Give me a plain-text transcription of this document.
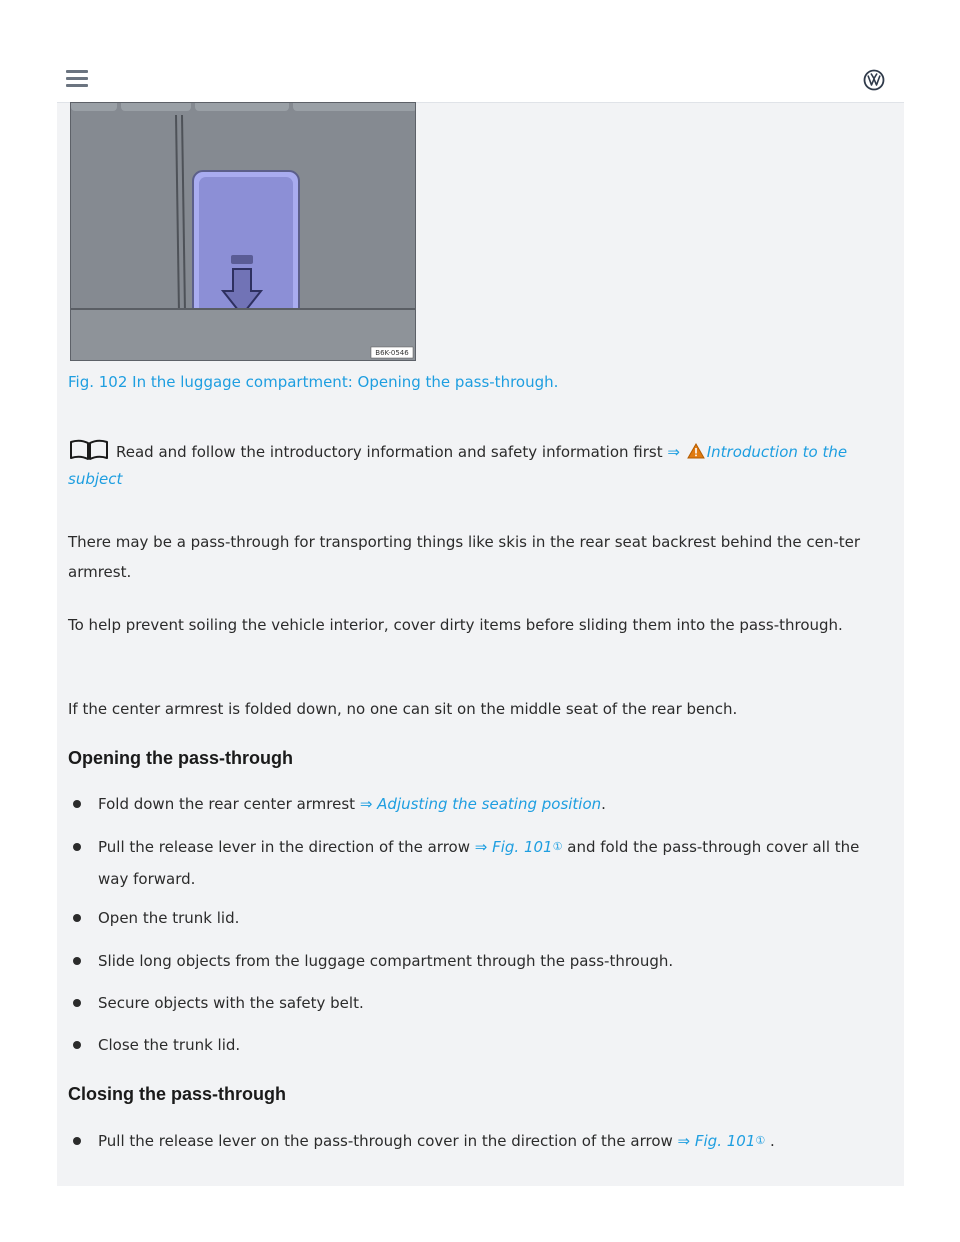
B6K-0546
Fig. 102 In the luggage compartment: Opening the pass-through.
Read and follow the introductory information and safety information first ⇒ Introduction to the subject

There may be a pass-through for transporting things like skis in the rear seat backrest behind the cen-ter armrest.

To help prevent soiling the vehicle interior, cover dirty items before sliding them into the pass-through.

If the center armrest is folded down, no one can sit on the middle seat of the rear bench.

Opening the pass-through

Fold down the rear center armrest ⇒ Adjusting the seating position.

Pull the release lever in the direction of the arrow ⇒ Fig. 101① and fold the pass-through cover all the way forward.

Open the trunk lid.

Slide long objects from the luggage compartment through the pass-through.

Secure objects with the safety belt.

Close the trunk lid.

Closing the pass-through

Pull the release lever on the pass-through cover in the direction of the arrow ⇒ Fig. 101① .
